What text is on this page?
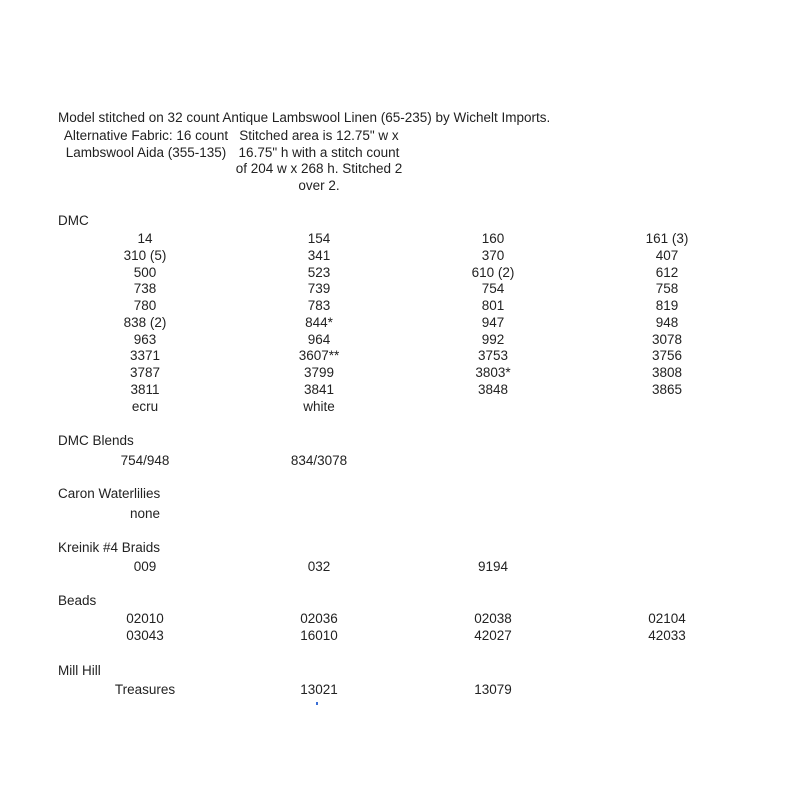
Model stitched on 32 count Antique Lambswool Linen (65-235) by Wichelt Imports.
Alternative Fabric: 16 count
Lambswool Aida (355-135)
Stitched area is 12.75" w x
16.75" h with a stitch count
of 204 w x 268 h. Stitched 2
over 2.
DMC
14	154	160	161 (3)
310 (5)	341	370	407
500	523	610 (2)	612
738	739	754	758
780	783	801	819
838 (2)	844*	947	948
963	964	992	3078
3371	3607**	3753	3756
3787	3799	3803*	3808
3811	3841	3848	3865
ecru	white
DMC Blends
754/948	834/3078
Caron Waterlilies
none
Kreinik #4 Braids
009	032	9194
Beads
02010	02036	02038	02104
03043	16010	42027	42033
Mill Hill
Treasures	13021	13079
